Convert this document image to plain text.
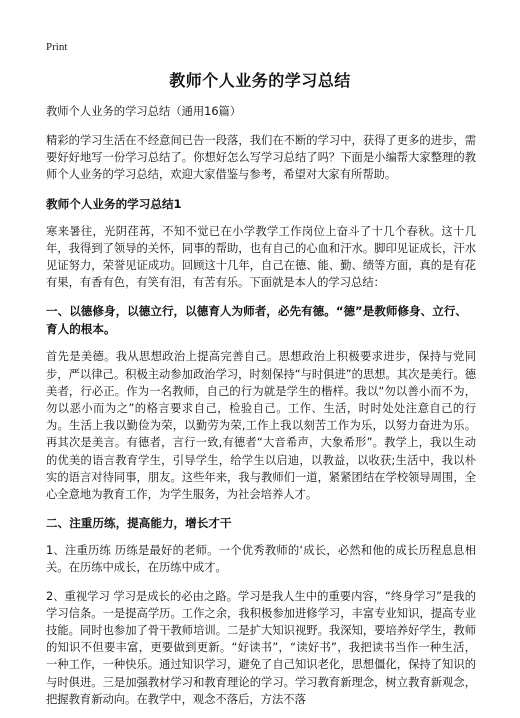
Print
教师个人业务的学习总结
教师个人业务的学习总结（通用16篇）

精彩的学习生活在不经意间已告一段落，我们在不断的学习中，获得了更多的进步，需要好好地写一份学习总结了。你想好怎么写学习总结了吗？下面是小编帮大家整理的教师个人业务的学习总结，欢迎大家借鉴与参考，希望对大家有所帮助。

教师个人业务的学习总结1

寒来暑往，光阴荏苒，不知不觉已在小学教学工作岗位上奋斗了十几个春秋。这十几年，我得到了领导的关怀，同事的帮助，也有自己的心血和汗水。脚印见证成长，汗水见证努力，荣誉见证成功。回顾这十几年，自己在德、能、勤、绩等方面，真的是有花有果，有香有色，有笑有泪，有苦有乐。下面就是本人的学习总结：

一、以德修身，以德立行，以德育人为师者，必先有德。“德”是教师修身、立行、育人的根本。

首先是美德。我从思想政治上提高完善自己。思想政治上积极要求进步，保持与党同步，严以律己。积极主动参加政治学习，时刻保持“与时俱进”的思想。其次是美行。德美者，行必正。作为一名教师，自己的行为就是学生的楷样。我以“勿以善小而不为，勿以恶小而为之”的格言要求自己，检验自己。工作、生活，时时处处注意自己的行为。生活上我以勤俭为荣，以勤劳为荣,工作上我以刻苦工作为乐，以努力奋进为乐。再其次是美言。有德者，言行一致,有德者“大音希声，大象希形”。教学上，我以生动的优美的语言教育学生，引导学生，给学生以启迪，以教益，以收获;生活中，我以朴实的语言对待同事，朋友。这些年来，我与教师们一道，紧紧团结在学校领导周围，全心全意地为教育工作，为学生服务，为社会培养人才。

二、注重历练，提高能力，增长才干

1、注重历练 历练是最好的老师。一个优秀教师的‘成长，必然和他的成长历程息息相关。在历练中成长，在历练中成才。

2、重视学习 学习是成长的必由之路。学习是我人生中的重要内容，“终身学习”是我的学习信条。一是提高学历。工作之余，我积极参加进修学习，丰富专业知识，提高专业技能。同时也参加了骨干教师培训。二是扩大知识视野。我深知，要培养好学生，教师的知识不但要丰富，更要做到更新。“好读书”，“读好书”，我把读书当作一种生活，一种工作，一种快乐。通过知识学习，避免了自己知识老化，思想僵化，保持了知识的与时俱进。三是加强教材学习和教育理论的学习。学习教育新理念，树立教育新观念，把握教育新动向。在教学中，观念不落后，方法不落
